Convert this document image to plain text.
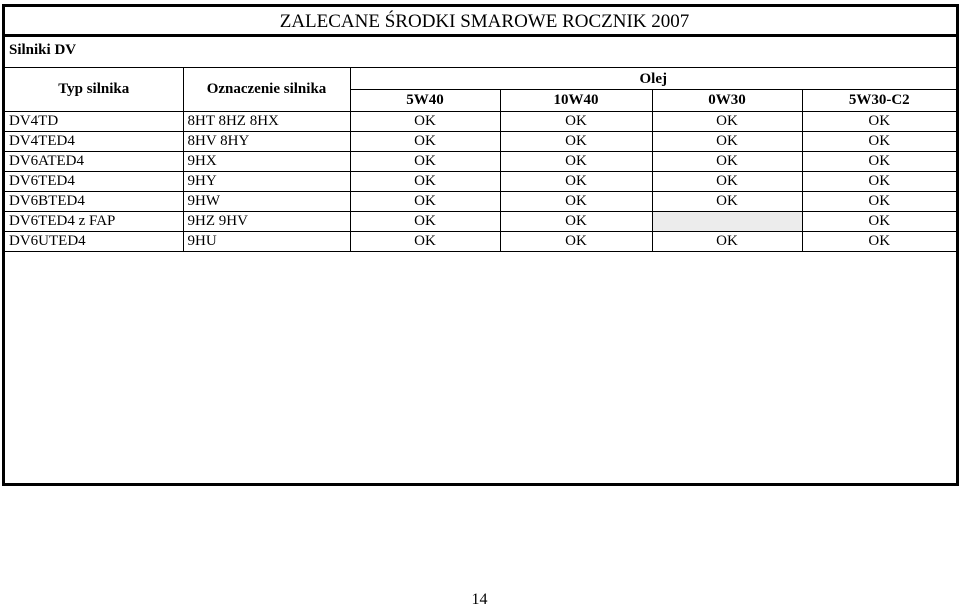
ZALECANE ŚRODKI SMAROWE ROCZNIK 2007
Silniki DV
Typ silnika	Oznaczenie silnika	Olej			
		5W40	10W40	0W30	5W30-C2
DV4TD	8HT 8HZ 8HX	OK	OK	OK	OK
DV4TED4	8HV 8HY	OK	OK	OK	OK
DV6ATED4	9HX	OK	OK	OK	OK
DV6TED4	9HY	OK	OK	OK	OK
DV6BTED4	9HW	OK	OK	OK	OK
DV6TED4 z FAP	9HZ 9HV	OK	OK		OK
DV6UTED4	9HU	OK	OK	OK	OK
14
